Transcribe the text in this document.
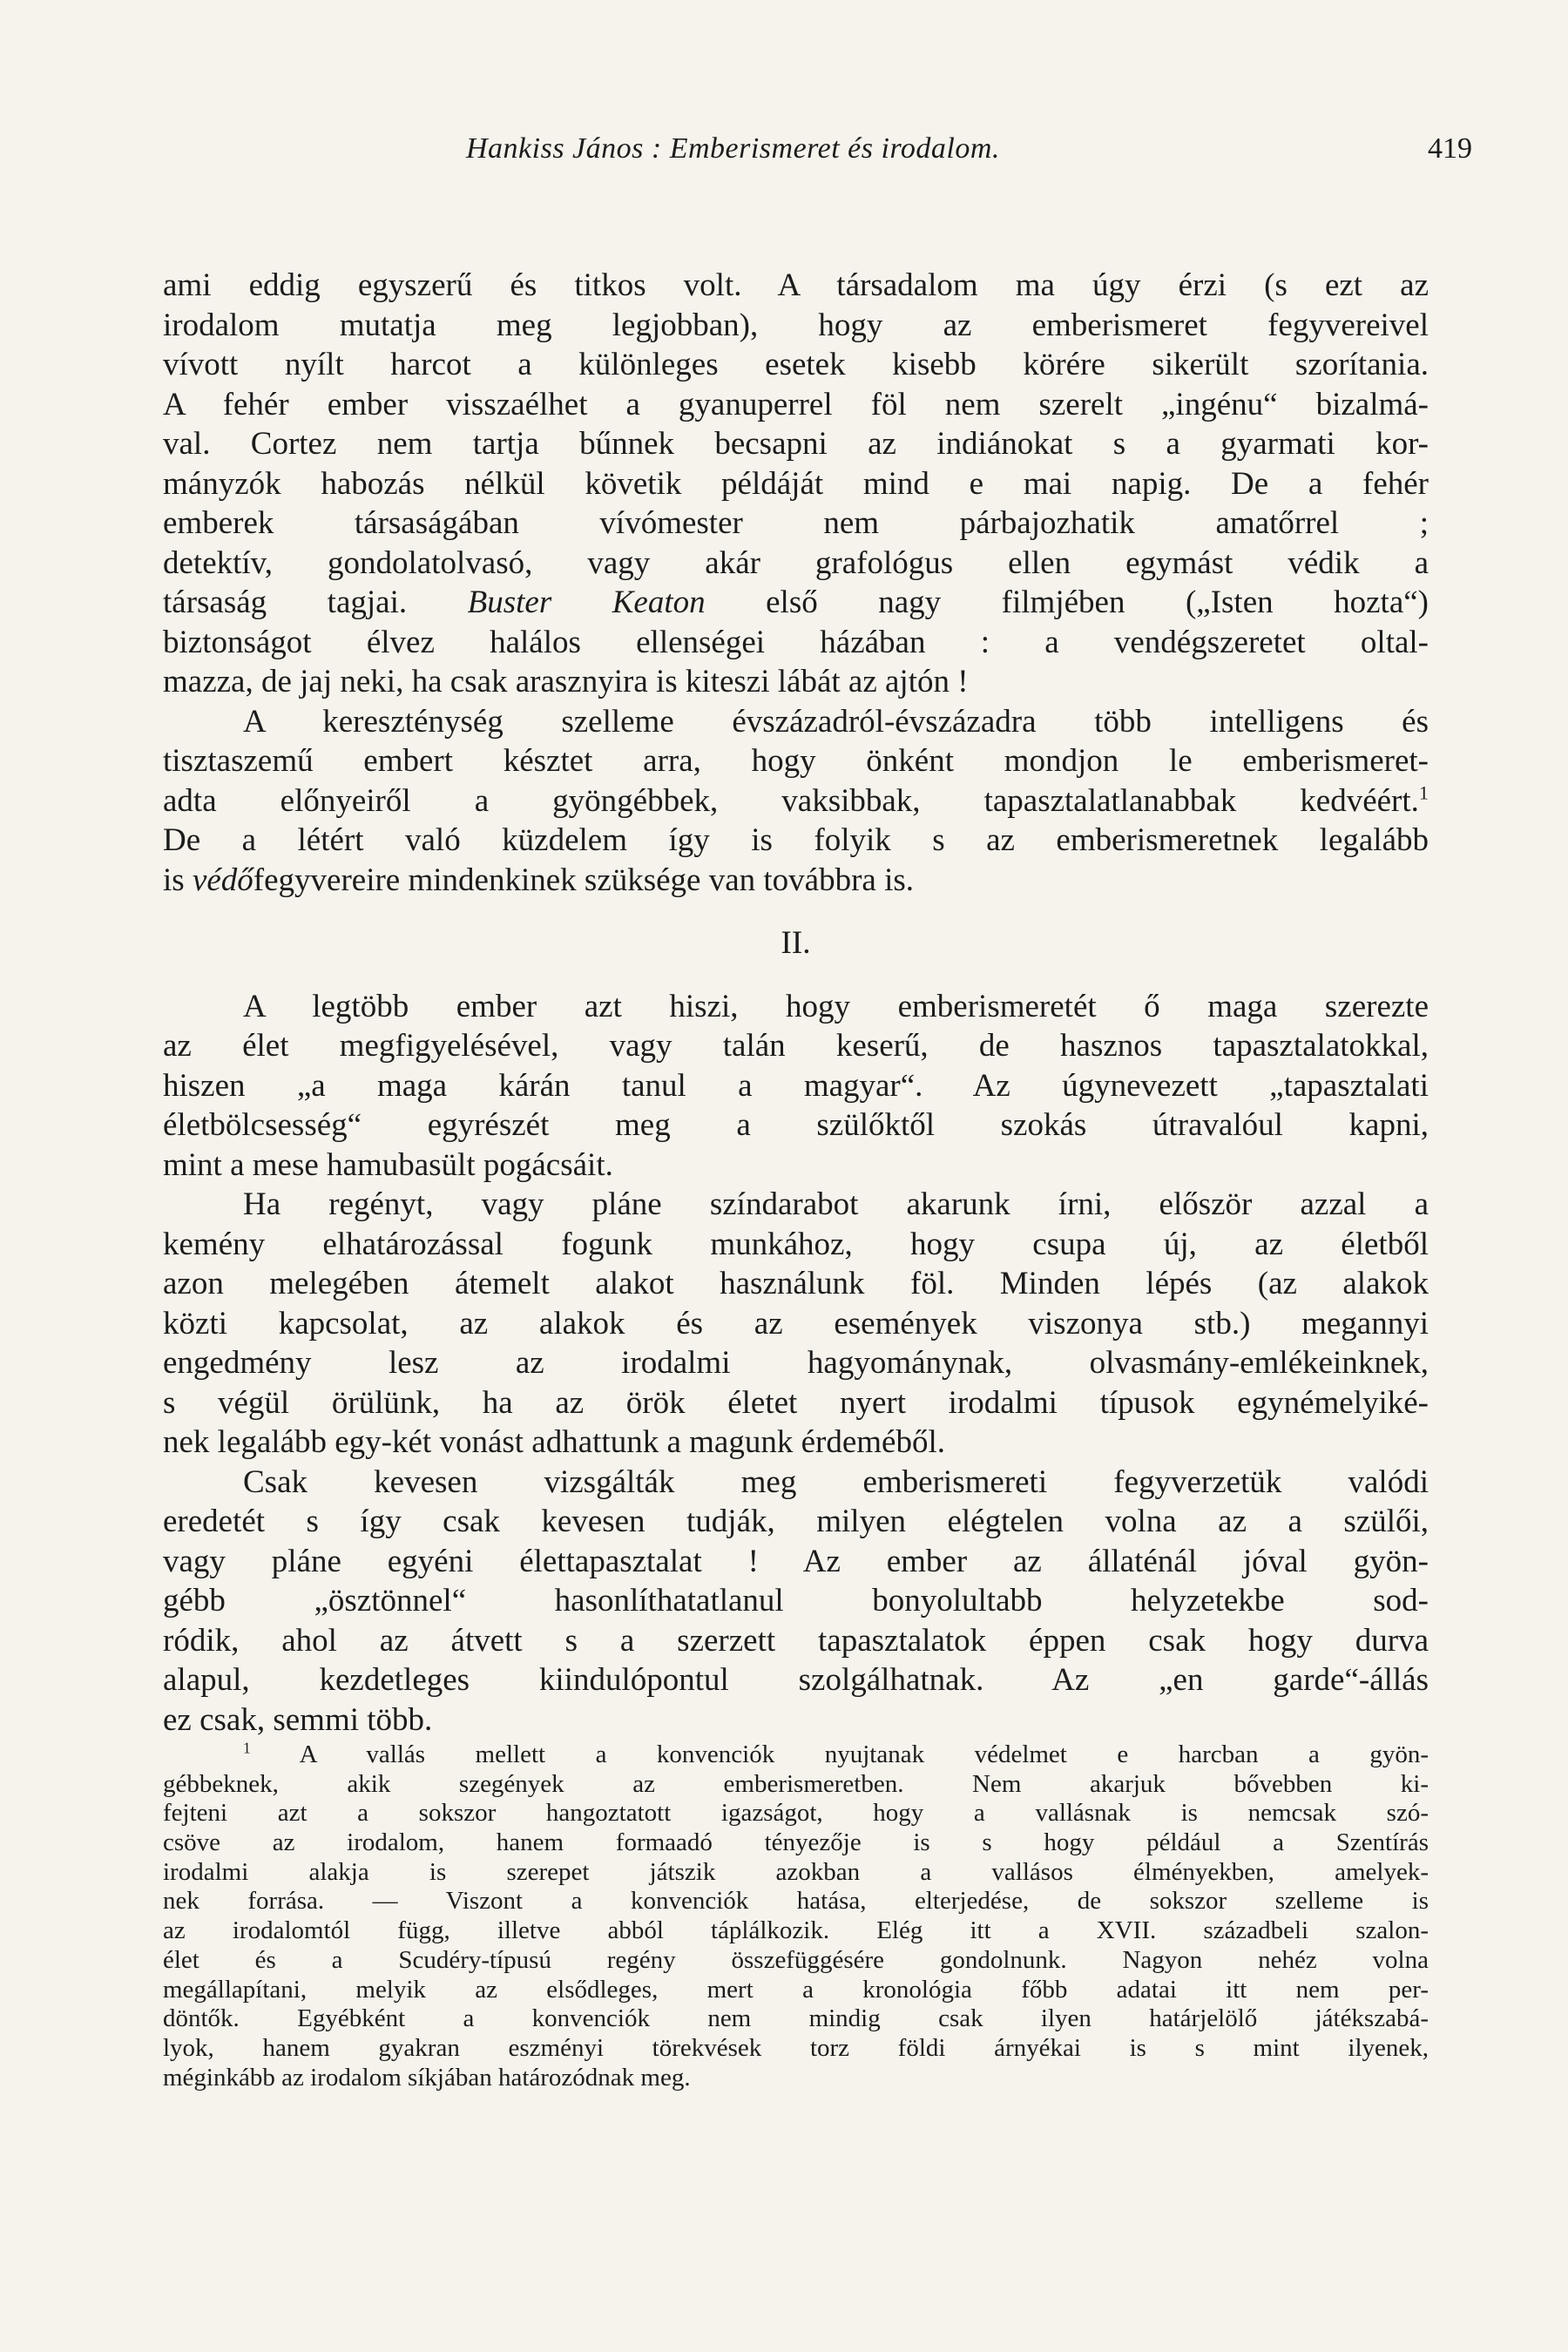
Hankiss János : Emberismeret és irodalom.	419
ami eddig egyszerű és titkos volt. A társadalom ma úgy érzi (s ezt az
irodalom mutatja meg legjobban), hogy az emberismeret fegyvereivel
vívott nyílt harcot a különleges esetek kisebb körére sikerült szorítania.
A fehér ember visszaélhet a gyanuperrel föl nem szerelt „ingénu“ bizalmá-
val. Cortez nem tartja bűnnek becsapni az indiánokat s a gyarmati kor-
mányzók habozás nélkül követik példáját mind e mai napig. De a fehér
emberek társaságában vívómester nem párbajozhatik amatőrrel ;
detektív, gondolatolvasó, vagy akár grafológus ellen egymást védik a
társaság tagjai. Buster Keaton első nagy filmjében („Isten hozta“)
biztonságot élvez halálos ellenségei házában : a vendégszeretet oltal-
mazza, de jaj neki, ha csak arasznyira is kiteszi lábát az ajtón !
A kereszténység szelleme évszázadról-évszázadra több intelligens és
tisztaszemű embert késztet arra, hogy önként mondjon le emberismeret-
adta előnyeiről a gyöngébbek, vaksibbak, tapasztalatlanabbak kedvéért.$^1$
De a létért való küzdelem így is folyik s az emberismeretnek legalább
is védőfegyvereire mindenkinek szüksége van továbbra is.
II.
A legtöbb ember azt hiszi, hogy emberismeretét ő maga szerezte
az élet megfigyelésével, vagy talán keserű, de hasznos tapasztalatokkal,
hiszen „a maga kárán tanul a magyar“. Az úgynevezett „tapasztalati
életbölcsesség“ egyrészét meg a szülőktől szokás útravalóul kapni,
mint a mese hamubasült pogácsáit.
Ha regényt, vagy pláne színdarabot akarunk írni, először azzal a
kemény elhatározással fogunk munkához, hogy csupa új, az életből
azon melegében átemelt alakot használunk föl. Minden lépés (az alakok
közti kapcsolat, az alakok és az események viszonya stb.) megannyi
engedmény lesz az irodalmi hagyománynak, olvasmány-emlékeinknek,
s végül örülünk, ha az örök életet nyert irodalmi típusok egynémelyiké-
nek legalább egy-két vonást adhattunk a magunk érdeméből.
Csak kevesen vizsgálták meg emberismereti fegyverzetük valódi
eredetét s így csak kevesen tudják, milyen elégtelen volna az a szülői,
vagy pláne egyéni élettapasztalat ! Az ember az állaténál jóval gyön-
gébb „ösztönnel“ hasonlíthatatlanul bonyolultabb helyzetekbe sod-
ródik, ahol az átvett s a szerzett tapasztalatok éppen csak hogy durva
alapul, kezdetleges kiindulópontul szolgálhatnak. Az „en garde“-állás
ez csak, semmi több.
$^1$ A vallás mellett a konvenciók nyujtanak védelmet e harcban a gyön-
gébbeknek, akik szegények az emberismeretben. Nem akarjuk bővebben ki-
fejteni azt a sokszor hangoztatott igazságot, hogy a vallásnak is nemcsak szó-
csöve az irodalom, hanem formaadó tényezője is s hogy például a Szentírás
irodalmi alakja is szerepet játszik azokban a vallásos élményekben, amelyek-
nek forrása. — Viszont a konvenciók hatása, elterjedése, de sokszor szelleme is
az irodalomtól függ, illetve abból táplálkozik. Elég itt a XVII. századbeli szalon-
élet és a Scudéry-típusú regény összefüggésére gondolnunk. Nagyon nehéz volna
megállapítani, melyik az elsődleges, mert a kronológia főbb adatai itt nem per-
döntők. Egyébként a konvenciók nem mindig csak ilyen határjelölő játékszabá-
lyok, hanem gyakran eszményi törekvések torz földi árnyékai is s mint ilyenek,
méginkább az irodalom síkjában határozódnak meg.
